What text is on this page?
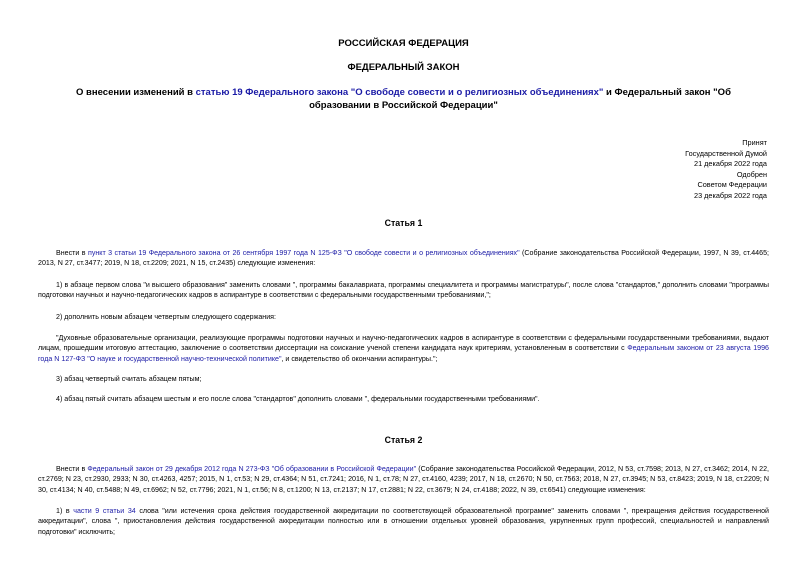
РОССИЙСКАЯ ФЕДЕРАЦИЯ
ФЕДЕРАЛЬНЫЙ ЗАКОН
О внесении изменений в статью 19 Федерального закона "О свободе совести и о религиозных объединениях" и Федеральный закон "Об образовании в Российской Федерации"
Принят
Государственной Думой
21 декабря 2022 года
Одобрен
Советом Федерации
23 декабря 2022 года
Статья 1

Внести в пункт 3 статьи 19 Федерального закона от 26 сентября 1997 года N 125-ФЗ "О свободе совести и о религиозных объединениях" (Собрание законодательства Российской Федерации, 1997, N 39, ст.4465; 2013, N 27, ст.3477; 2019, N 18, ст.2209; 2021, N 15, ст.2435) следующие изменения:

1) в абзаце первом слова "и высшего образования" заменить словами ", программы бакалавриата, программы специалитета и программы магистратуры", после слова "стандартов," дополнить словами "программы подготовки научных и научно-педагогических кадров в аспирантуре в соответствии с федеральными государственными требованиями,";

2) дополнить новым абзацем четвертым следующего содержания:

"Духовные образовательные организации, реализующие программы подготовки научных и научно-педагогических кадров в аспирантуре в соответствии с федеральными государственными требованиями, выдают лицам, прошедшим итоговую аттестацию, заключение о соответствии диссертации на соискание ученой степени кандидата наук критериям, установленным в соответствии с Федеральным законом от 23 августа 1996 года N 127-ФЗ "О науке и государственной научно-технической политике", и свидетельство об окончании аспирантуры.";

3) абзац четвертый считать абзацем пятым;

4) абзац пятый считать абзацем шестым и его после слова "стандартов" дополнить словами ", федеральными государственными требованиями".

Статья 2

Внести в Федеральный закон от 29 декабря 2012 года N 273-ФЗ "Об образовании в Российской Федерации" (Собрание законодательства Российской Федерации, 2012, N 53, ст.7598; 2013, N 27, ст.3462; 2014, N 22, ст.2769; N 23, ст.2930, 2933; N 30, ст.4263, 4257; 2015, N 1, ст.53; N 29, ст.4364; N 51, ст.7241; 2016, N 1, ст.78; N 27, ст.4160, 4239; 2017, N 18, ст.2670; N 50, ст.7563; 2018, N 27, ст.3945; N 53, ст.8423; 2019, N 18, ст.2209; N 30, ст.4134; N 40, ст.5488; N 49, ст.6962; N 52, ст.7796; 2021, N 1, ст.56; N 8, ст.1200; N 13, ст.2137; N 17, ст.2881; N 22, ст.3679; N 24, ст.4188; 2022, N 39, ст.6541) следующие изменения:

1) в части 9 статьи 34 слова "или истечения срока действия государственной аккредитации по соответствующей образовательной программе" заменить словами ", прекращения действия государственной аккредитации", слова ", приостановления действия государственной аккредитации полностью или в отношении отдельных уровней образования, укрупненных групп профессий, специальностей и направлений подготовки" исключить;
